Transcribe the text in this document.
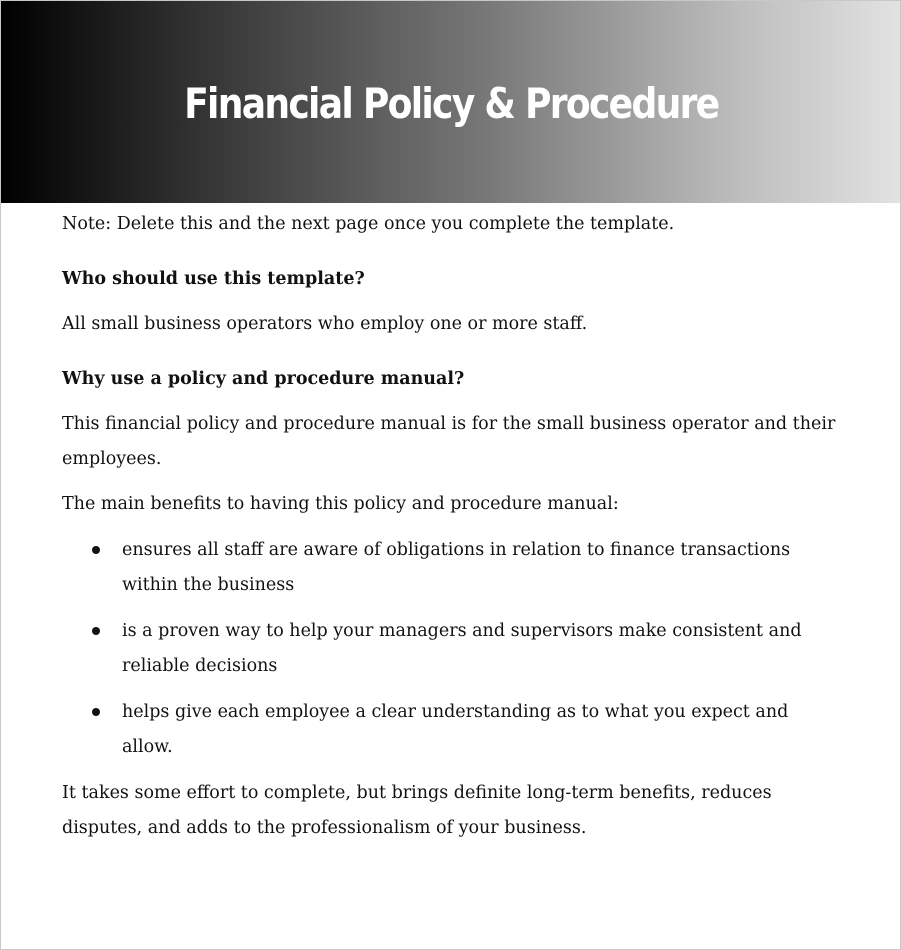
Financial Policy & Procedure

Note: Delete this and the next page once you complete the template.

Who should use this template?

All small business operators who employ one or more staff.

Why use a policy and procedure manual?

This financial policy and procedure manual is for the small business operator and their employees.

The main benefits to having this policy and procedure manual:

ensures all staff are aware of obligations in relation to finance transactions within the business
is a proven way to help your managers and supervisors make consistent and reliable decisions
helps give each employee a clear understanding as to what you expect and allow.

It takes some effort to complete, but brings definite long-term benefits, reduces disputes, and adds to the professionalism of your business.
